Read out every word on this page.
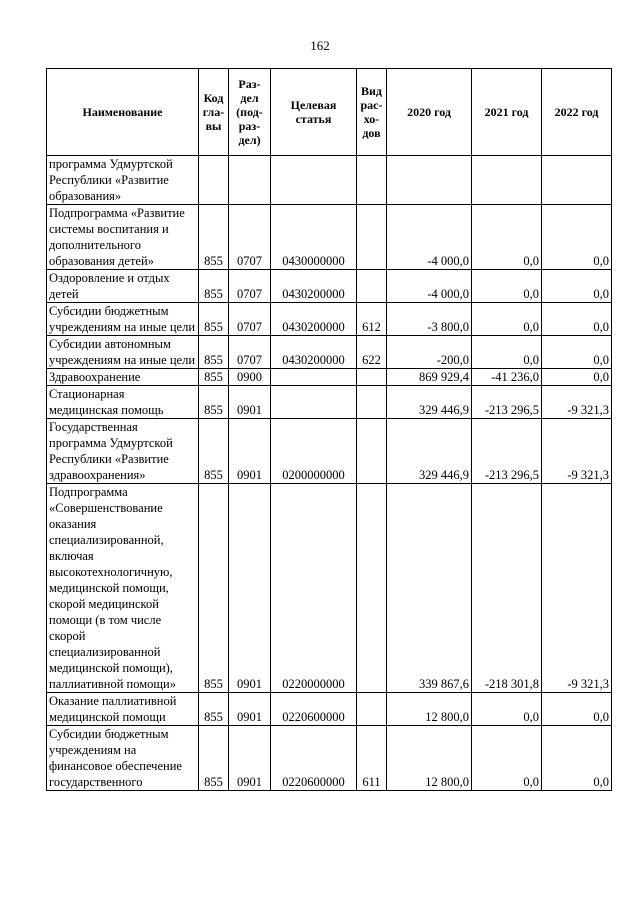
162
Наименование	Код гла-вы	Раз-дел (под-раз-дел)	Целевая статья	Вид рас-хо-дов	2020 год	2021 год	2022 год
программа Удмуртской Республики «Развитие образования»							
Подпрограмма «Развитие системы воспитания и дополнительного образования детей»	855	0707	0430000000		-4 000,0	0,0	0,0
Оздоровление и отдых детей	855	0707	0430200000		-4 000,0	0,0	0,0
Субсидии бюджетным учреждениям на иные цели	855	0707	0430200000	612	-3 800,0	0,0	0,0
Субсидии автономным учреждениям на иные цели	855	0707	0430200000	622	-200,0	0,0	0,0
Здравоохранение	855	0900			869 929,4	-41 236,0	0,0
Стационарная медицинская помощь	855	0901			329 446,9	-213 296,5	-9 321,3
Государственная программа Удмуртской Республики «Развитие здравоохранения»	855	0901	0200000000		329 446,9	-213 296,5	-9 321,3
Подпрограмма «Совершенствование оказания специализированной, включая высокотехнологичную, медицинской помощи, скорой медицинской помощи (в том числе скорой специализированной медицинской помощи), паллиативной помощи»	855	0901	0220000000		339 867,6	-218 301,8	-9 321,3
Оказание паллиативной медицинской помощи	855	0901	0220600000		12 800,0	0,0	0,0
Субсидии бюджетным учреждениям на финансовое обеспечение государственного	855	0901	0220600000	611	12 800,0	0,0	0,0
